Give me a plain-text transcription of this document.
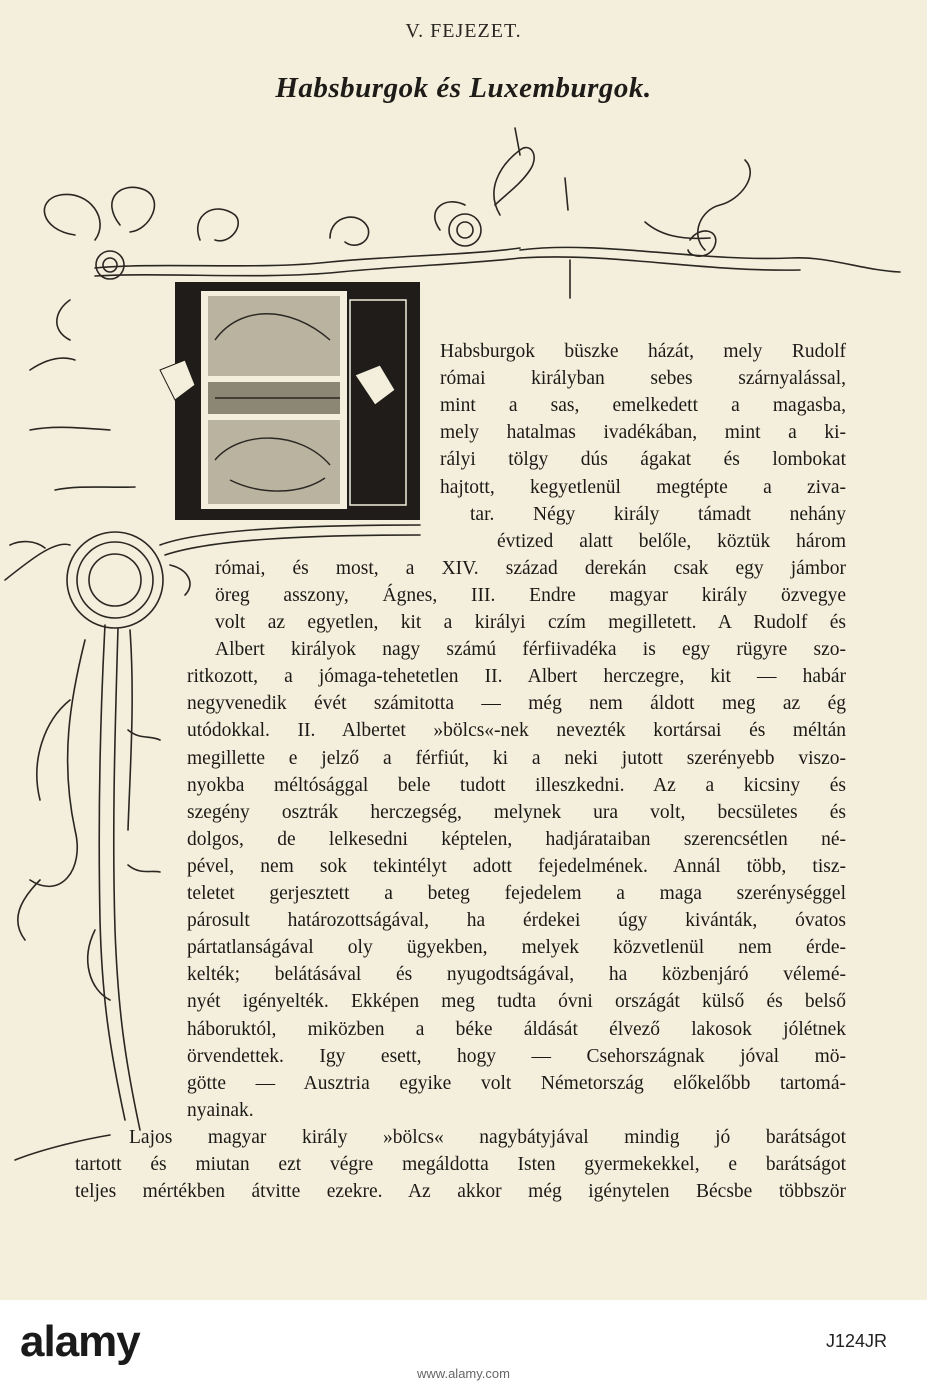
V. FEJEZET.
Habsburgok és Luxemburgok.
Habsburgok büszke házát, mely Rudolf
római királyban sebes szárnyalással,
mint a sas, emelkedett a magasba,
mely hatalmas ivadékában, mint a ki-
rályi tölgy dús ágakat és lombokat
hajtott, kegyetlenül megtépte a ziva-
tar. Négy király támadt nehány
évtized alatt belőle, köztük három
római, és most, a XIV. század derekán csak egy jámbor
öreg asszony, Ágnes, III. Endre magyar király özvegye
volt az egyetlen, kit a királyi czím megilletett. A Rudolf és
Albert királyok nagy számú férfiivadéka is egy rügyre szo-
ritkozott, a jómaga-tehetetlen II. Albert herczegre, kit — habár
negyvenedik évét számitotta — még nem áldott meg az ég
utódokkal. II. Albertet »bölcs«-nek nevezték kortársai és méltán
megillette e jelző a férfiút, ki a neki jutott szerényebb viszo-
nyokba méltósággal bele tudott illeszkedni. Az a kicsiny és
szegény osztrák herczegség, melynek ura volt, becsületes és
dolgos, de lelkesedni képtelen, hadjárataiban szerencsétlen né-
pével, nem sok tekintélyt adott fejedelmének. Annál több, tisz-
teletet gerjesztett a beteg fejedelem a maga szerénységgel
párosult határozottságával, ha érdekei úgy kivánták, óvatos
pártatlanságával oly ügyekben, melyek közvetlenül nem érde-
kelték; belátásával és nyugodtságával, ha közbenjáró vélemé-
nyét igényelték. Ekképen meg tudta óvni országát külső és belső
háboruktól, miközben a béke áldását élvező lakosok jólétnek
örvendettek. Igy esett, hogy — Csehországnak jóval mö-
götte — Ausztria egyike volt Németország előkelőbb tartomá-
nyainak.
Lajos magyar király »bölcs« nagybátyjával mindig jó barátságot
tartott és miutan ezt végre megáldotta Isten gyermekekkel, e barátságot
teljes mértékben átvitte ezekre. Az akkor még igénytelen Bécsbe többször
alamy	J124JR
www.alamy.com
